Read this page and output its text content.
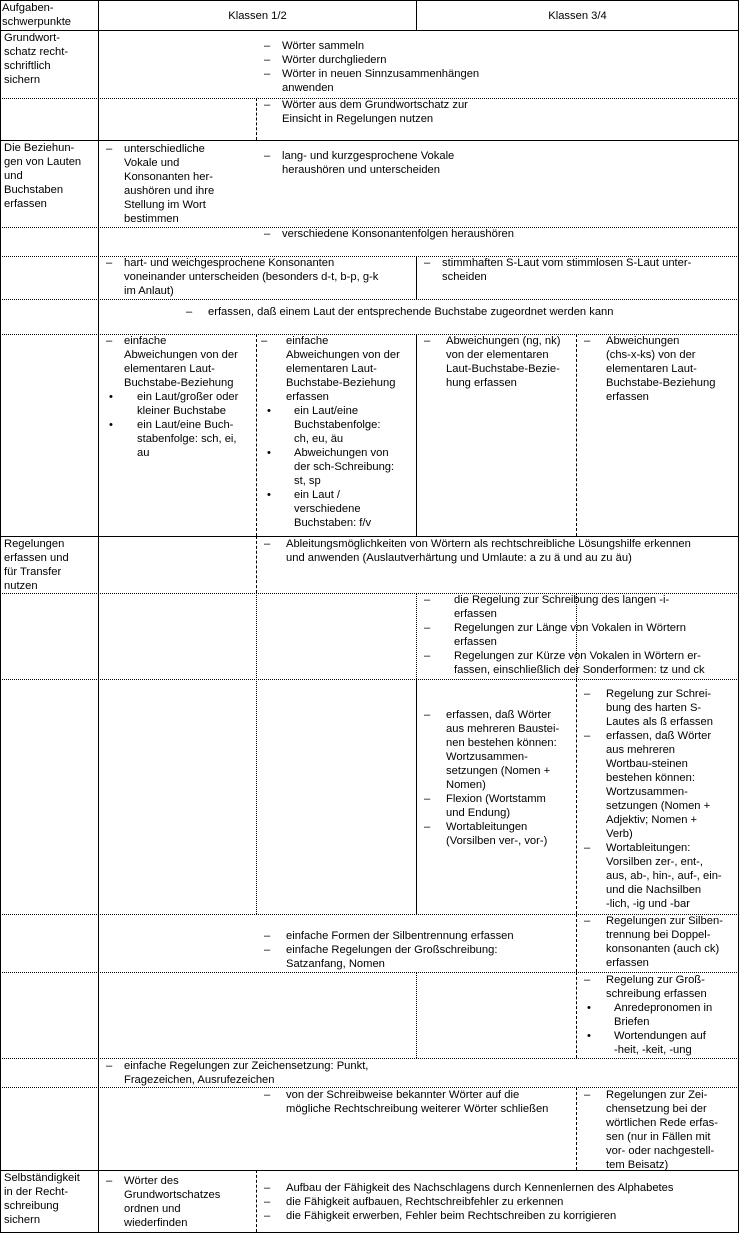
Aufgaben-
schwerpunkte	Klassen 1/2	Klassen 3/4
Grundwort-
schatz recht-
schriftlich
sichern
Die Beziehun-
gen von Lauten
und
Buchstaben
erfassen
Regelungen
erfassen und
für Transfer
nutzen
Selbständigkeit
in der Recht-
schreibung
sichern
– Wörter sammeln
– Wörter durchgliedern
– Wörter in neuen Sinnzusammenhängen
anwenden
– Wörter aus dem Grundwortschatz zur
Einsicht in Regelungen nutzen
– unterschiedliche
Vokale und
Konsonanten her-
aushören und ihre
Stellung im Wort
bestimmen
– lang- und kurzgesprochene Vokale
heraushören und unterscheiden
– verschiedene Konsonantenfolgen heraushören
– hart- und weichgesprochene Konsonanten
voneinander unterscheiden (besonders d-t, b-p, g-k
im Anlaut)
– stimmhaften S-Laut vom stimmlosen S-Laut unter-
scheiden
– erfassen, daß einem Laut der entsprechende Buchstabe zugeordnet werden kann
– einfache
Abweichungen von der
elementaren Laut-
Buchstabe-Beziehung
• ein Laut/großer oder
kleiner Buchstabe
• ein Laut/eine Buch-
stabenfolge: sch, ei,
au
– einfache
Abweichungen von der
elementaren Laut-
Buchstabe-Beziehung
erfassen
• ein Laut/eine
Buchstabenfolge:
ch, eu, äu
• Abweichungen von
der sch-Schreibung:
st, sp
• ein Laut /
verschiedene
Buchstaben: f/v
– Abweichungen (ng, nk)
von der elementaren
Laut-Buchstabe-Bezie-
hung erfassen
– Abweichungen
(chs-x-ks) von der
elementaren Laut-
Buchstabe-Beziehung
erfassen
– Ableitungsmöglichkeiten von Wörtern als rechtschreibliche Lösungshilfe erkennen
und anwenden (Auslautverhärtung und Umlaute: a zu ä und au zu äu)
– die Regelung zur Schreibung des langen -i-
erfassen
– Regelungen zur Länge von Vokalen in Wörtern
erfassen
– Regelungen zur Kürze von Vokalen in Wörtern er-
fassen, einschließlich der Sonderformen: tz und ck
– erfassen, daß Wörter
aus mehreren Baustei-
nen bestehen können:
Wortzusammen-
setzungen (Nomen +
Nomen)
– Flexion (Wortstamm
und Endung)
– Wortableitungen
(Vorsilben ver-, vor-)
– Regelung zur Schrei-
bung des harten S-
Lautes als ß erfassen
– erfassen, daß Wörter
aus mehreren
Wortbau-steinen
bestehen können:
Wortzusammen-
setzungen (Nomen +
Adjektiv; Nomen +
Verb)
– Wortableitungen:
Vorsilben zer-, ent-,
aus, ab-, hin-, auf-, ein-
und die Nachsilben
-lich, -ig und -bar
– einfache Formen der Silbentrennung erfassen
– einfache Regelungen der Großschreibung:
Satzanfang, Nomen
– Regelungen zur Silben-
trennung bei Doppel-
konsonanten (auch ck)
erfassen
– Regelung zur Groß-
schreibung erfassen
• Anredepronomen in
Briefen
• Wortendungen auf
-heit, -keit, -ung
– einfache Regelungen zur Zeichensetzung: Punkt,
Fragezeichen, Ausrufezeichen
– von der Schreibweise bekannter Wörter auf die
mögliche Rechtschreibung weiterer Wörter schließen
– Regelungen zur Zei-
chensetzung bei der
wörtlichen Rede erfas-
sen (nur in Fällen mit
vor- oder nachgestell-
tem Beisatz)
– Wörter des
Grundwortschatzes
ordnen und
wiederfinden
– Aufbau der Fähigkeit des Nachschlagens durch Kennenlernen des Alphabetes
– die Fähigkeit aufbauen, Rechtschreibfehler zu erkennen
– die Fähigkeit erwerben, Fehler beim Rechtschreiben zu korrigieren
